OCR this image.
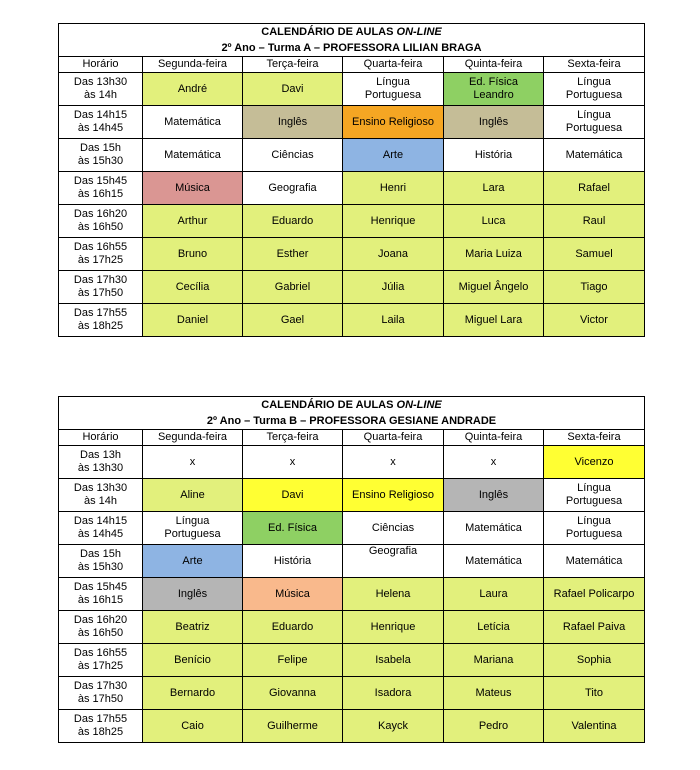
CALENDÁRIO DE AULAS ON-LINE					
2º Ano – Turma A – PROFESSORA LILIAN BRAGA					
Horário	Segunda-feira	Terça-feira	Quarta-feira	Quinta-feira	Sexta-feira
Das 13h30
às 14h	André	Davi	Língua
Portuguesa	Ed. Física
Leandro	Língua
Portuguesa
Das 14h15
às 14h45	Matemática	Inglês	Ensino Religioso	Inglês	Língua
Portuguesa
Das 15h
às 15h30	Matemática	Ciências	Arte	História	Matemática
Das 15h45
às 16h15	Música	Geografia	Henri	Lara	Rafael
Das 16h20
às 16h50	Arthur	Eduardo	Henrique	Luca	Raul
Das 16h55
às 17h25	Bruno	Esther	Joana	Maria Luiza	Samuel
Das 17h30
às 17h50	Cecília	Gabriel	Júlia	Miguel Ângelo	Tiago
Das 17h55
às 18h25	Daniel	Gael	Laila	Miguel Lara	Victor
CALENDÁRIO DE AULAS ON-LINE					
2º Ano – Turma B – PROFESSORA GESIANE ANDRADE					
Horário	Segunda-feira	Terça-feira	Quarta-feira	Quinta-feira	Sexta-feira
Das 13h
às 13h30	x	x	x	x	Vicenzo
Das 13h30
às 14h	Aline	Davi	Ensino Religioso	Inglês	Língua
Portuguesa
Das 14h15
às 14h45	Língua
Portuguesa	Ed. Física	Ciências	Matemática	Língua
Portuguesa
Das 15h
às 15h30	Arte	História	Geografia	Matemática	Matemática
Das 15h45
às 16h15	Inglês	Música	Helena	Laura	Rafael Policarpo
Das 16h20
às 16h50	Beatriz	Eduardo	Henrique	Letícia	Rafael Paiva
Das 16h55
às 17h25	Benício	Felipe	Isabela	Mariana	Sophia
Das 17h30
às 17h50	Bernardo	Giovanna	Isadora	Mateus	Tito
Das 17h55
às 18h25	Caio	Guilherme	Kayck	Pedro	Valentina
